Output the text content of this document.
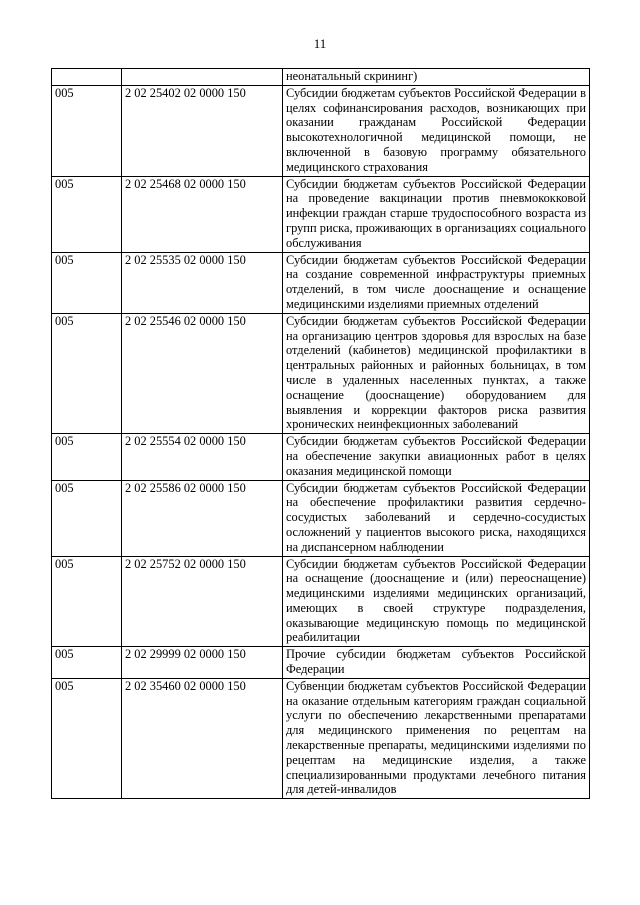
11
		неонатальный скрининг)
005	2 02 25402 02 0000 150	Субсидии бюджетам субъектов Российской Федерации в целях софинансирования расходов, возникающих при оказании гражданам Российской Федерации высокотехнологичной медицинской помощи, не включенной в базовую программу обязательного медицинского страхования
005	2 02 25468 02 0000 150	Субсидии бюджетам субъектов Российской Федерации на проведение вакцинации против пневмококковой инфекции граждан старше трудоспособного возраста из групп риска, проживающих в организациях социального обслуживания
005	2 02 25535 02 0000 150	Субсидии бюджетам субъектов Российской Федерации на создание современной инфраструктуры приемных отделений, в том числе дооснащение и оснащение медицинскими изделиями приемных отделений
005	2 02 25546 02 0000 150	Субсидии бюджетам субъектов Российской Федерации на организацию центров здоровья для взрослых на базе отделений (кабинетов) медицинской профилактики в центральных районных и районных больницах, в том числе в удаленных населенных пунктах, а также оснащение (дооснащение) оборудованием для выявления и коррекции факторов риска развития хронических неинфекционных заболеваний
005	2 02 25554 02 0000 150	Субсидии бюджетам субъектов Российской Федерации на обеспечение закупки авиационных работ в целях оказания медицинской помощи
005	2 02 25586 02 0000 150	Субсидии бюджетам субъектов Российской Федерации на обеспечение профилактики развития сердечно-сосудистых заболеваний и сердечно-сосудистых осложнений у пациентов высокого риска, находящихся на диспансерном наблюдении
005	2 02 25752 02 0000 150	Субсидии бюджетам субъектов Российской Федерации на оснащение (дооснащение и (или) переоснащение) медицинскими изделиями медицинских организаций, имеющих в своей структуре подразделения, оказывающие медицинскую помощь по медицинской реабилитации
005	2 02 29999 02 0000 150	Прочие субсидии бюджетам субъектов Российской Федерации
005	2 02 35460 02 0000 150	Субвенции бюджетам субъектов Российской Федерации на оказание отдельным категориям граждан социальной услуги по обеспечению лекарственными препаратами для медицинского применения по рецептам на лекарственные препараты, медицинскими изделиями по рецептам на медицинские изделия, а также специализированными продуктами лечебного питания для детей-инвалидов
